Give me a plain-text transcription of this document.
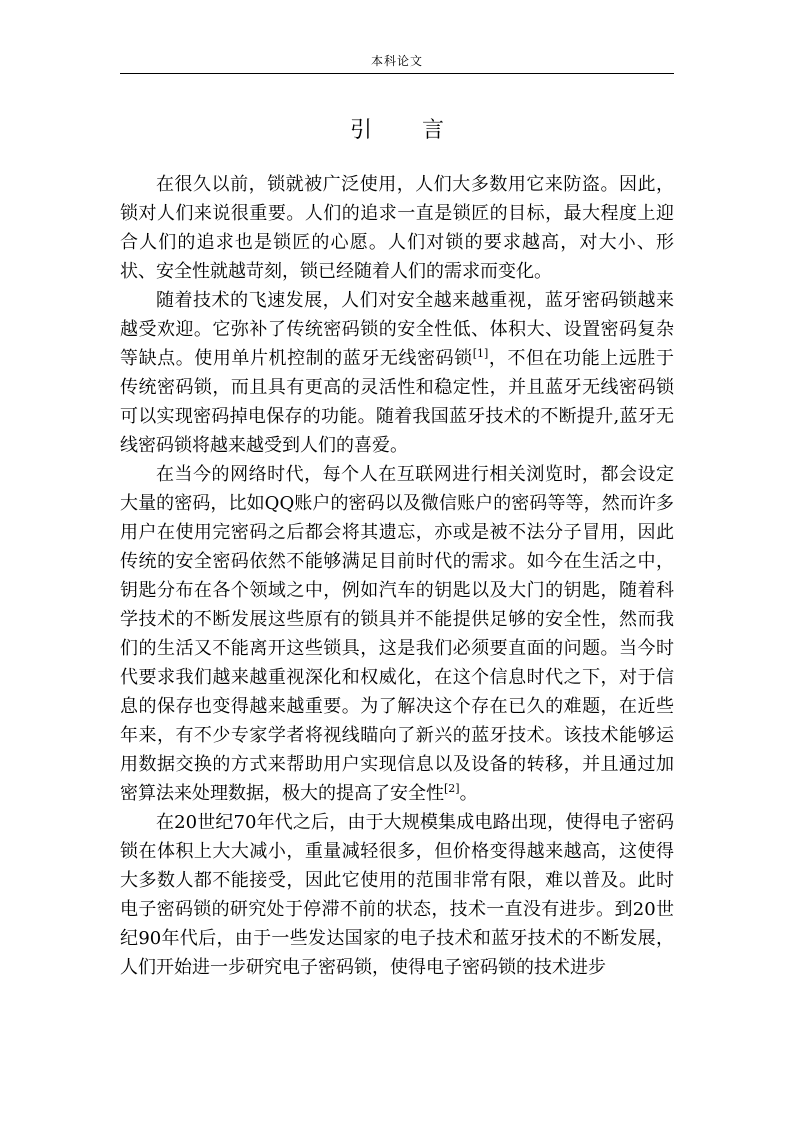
本科论文
引言

在很久以前，锁就被广泛使用，人们大多数用它来防盗。因此，锁对人们来说很重要。人们的追求一直是锁匠的目标，最大程度上迎合人们的追求也是锁匠的心愿。人们对锁的要求越高，对大小、形状、安全性就越苛刻，锁已经随着人们的需求而变化。

随着技术的飞速发展，人们对安全越来越重视，蓝牙密码锁越来越受欢迎。它弥补了传统密码锁的安全性低、体积大、设置密码复杂等缺点。使用单片机控制的蓝牙无线密码锁[1]，不但在功能上远胜于传统密码锁，而且具有更高的灵活性和稳定性，并且蓝牙无线密码锁可以实现密码掉电保存的功能。随着我国蓝牙技术的不断提升,蓝牙无线密码锁将越来越受到人们的喜爱。

在当今的网络时代，每个人在互联网进行相关浏览时，都会设定大量的密码，比如QQ账户的密码以及微信账户的密码等等，然而许多用户在使用完密码之后都会将其遗忘，亦或是被不法分子冒用，因此传统的安全密码依然不能够满足目前时代的需求。如今在生活之中，钥匙分布在各个领域之中，例如汽车的钥匙以及大门的钥匙，随着科学技术的不断发展这些原有的锁具并不能提供足够的安全性，然而我们的生活又不能离开这些锁具，这是我们必须要直面的问题。当今时代要求我们越来越重视深化和权威化，在这个信息时代之下，对于信息的保存也变得越来越重要。为了解决这个存在已久的难题，在近些年来，有不少专家学者将视线瞄向了新兴的蓝牙技术。该技术能够运用数据交换的方式来帮助用户实现信息以及设备的转移，并且通过加密算法来处理数据，极大的提高了安全性[2]。

在20世纪70年代之后，由于大规模集成电路出现，使得电子密码锁在体积上大大减小，重量减轻很多，但价格变得越来越高，这使得大多数人都不能接受，因此它使用的范围非常有限，难以普及。此时电子密码锁的研究处于停滞不前的状态，技术一直没有进步。到20世纪90年代后，由于一些发达国家的电子技术和蓝牙技术的不断发展，人们开始进一步研究电子密码锁，使得电子密码锁的技术进步
